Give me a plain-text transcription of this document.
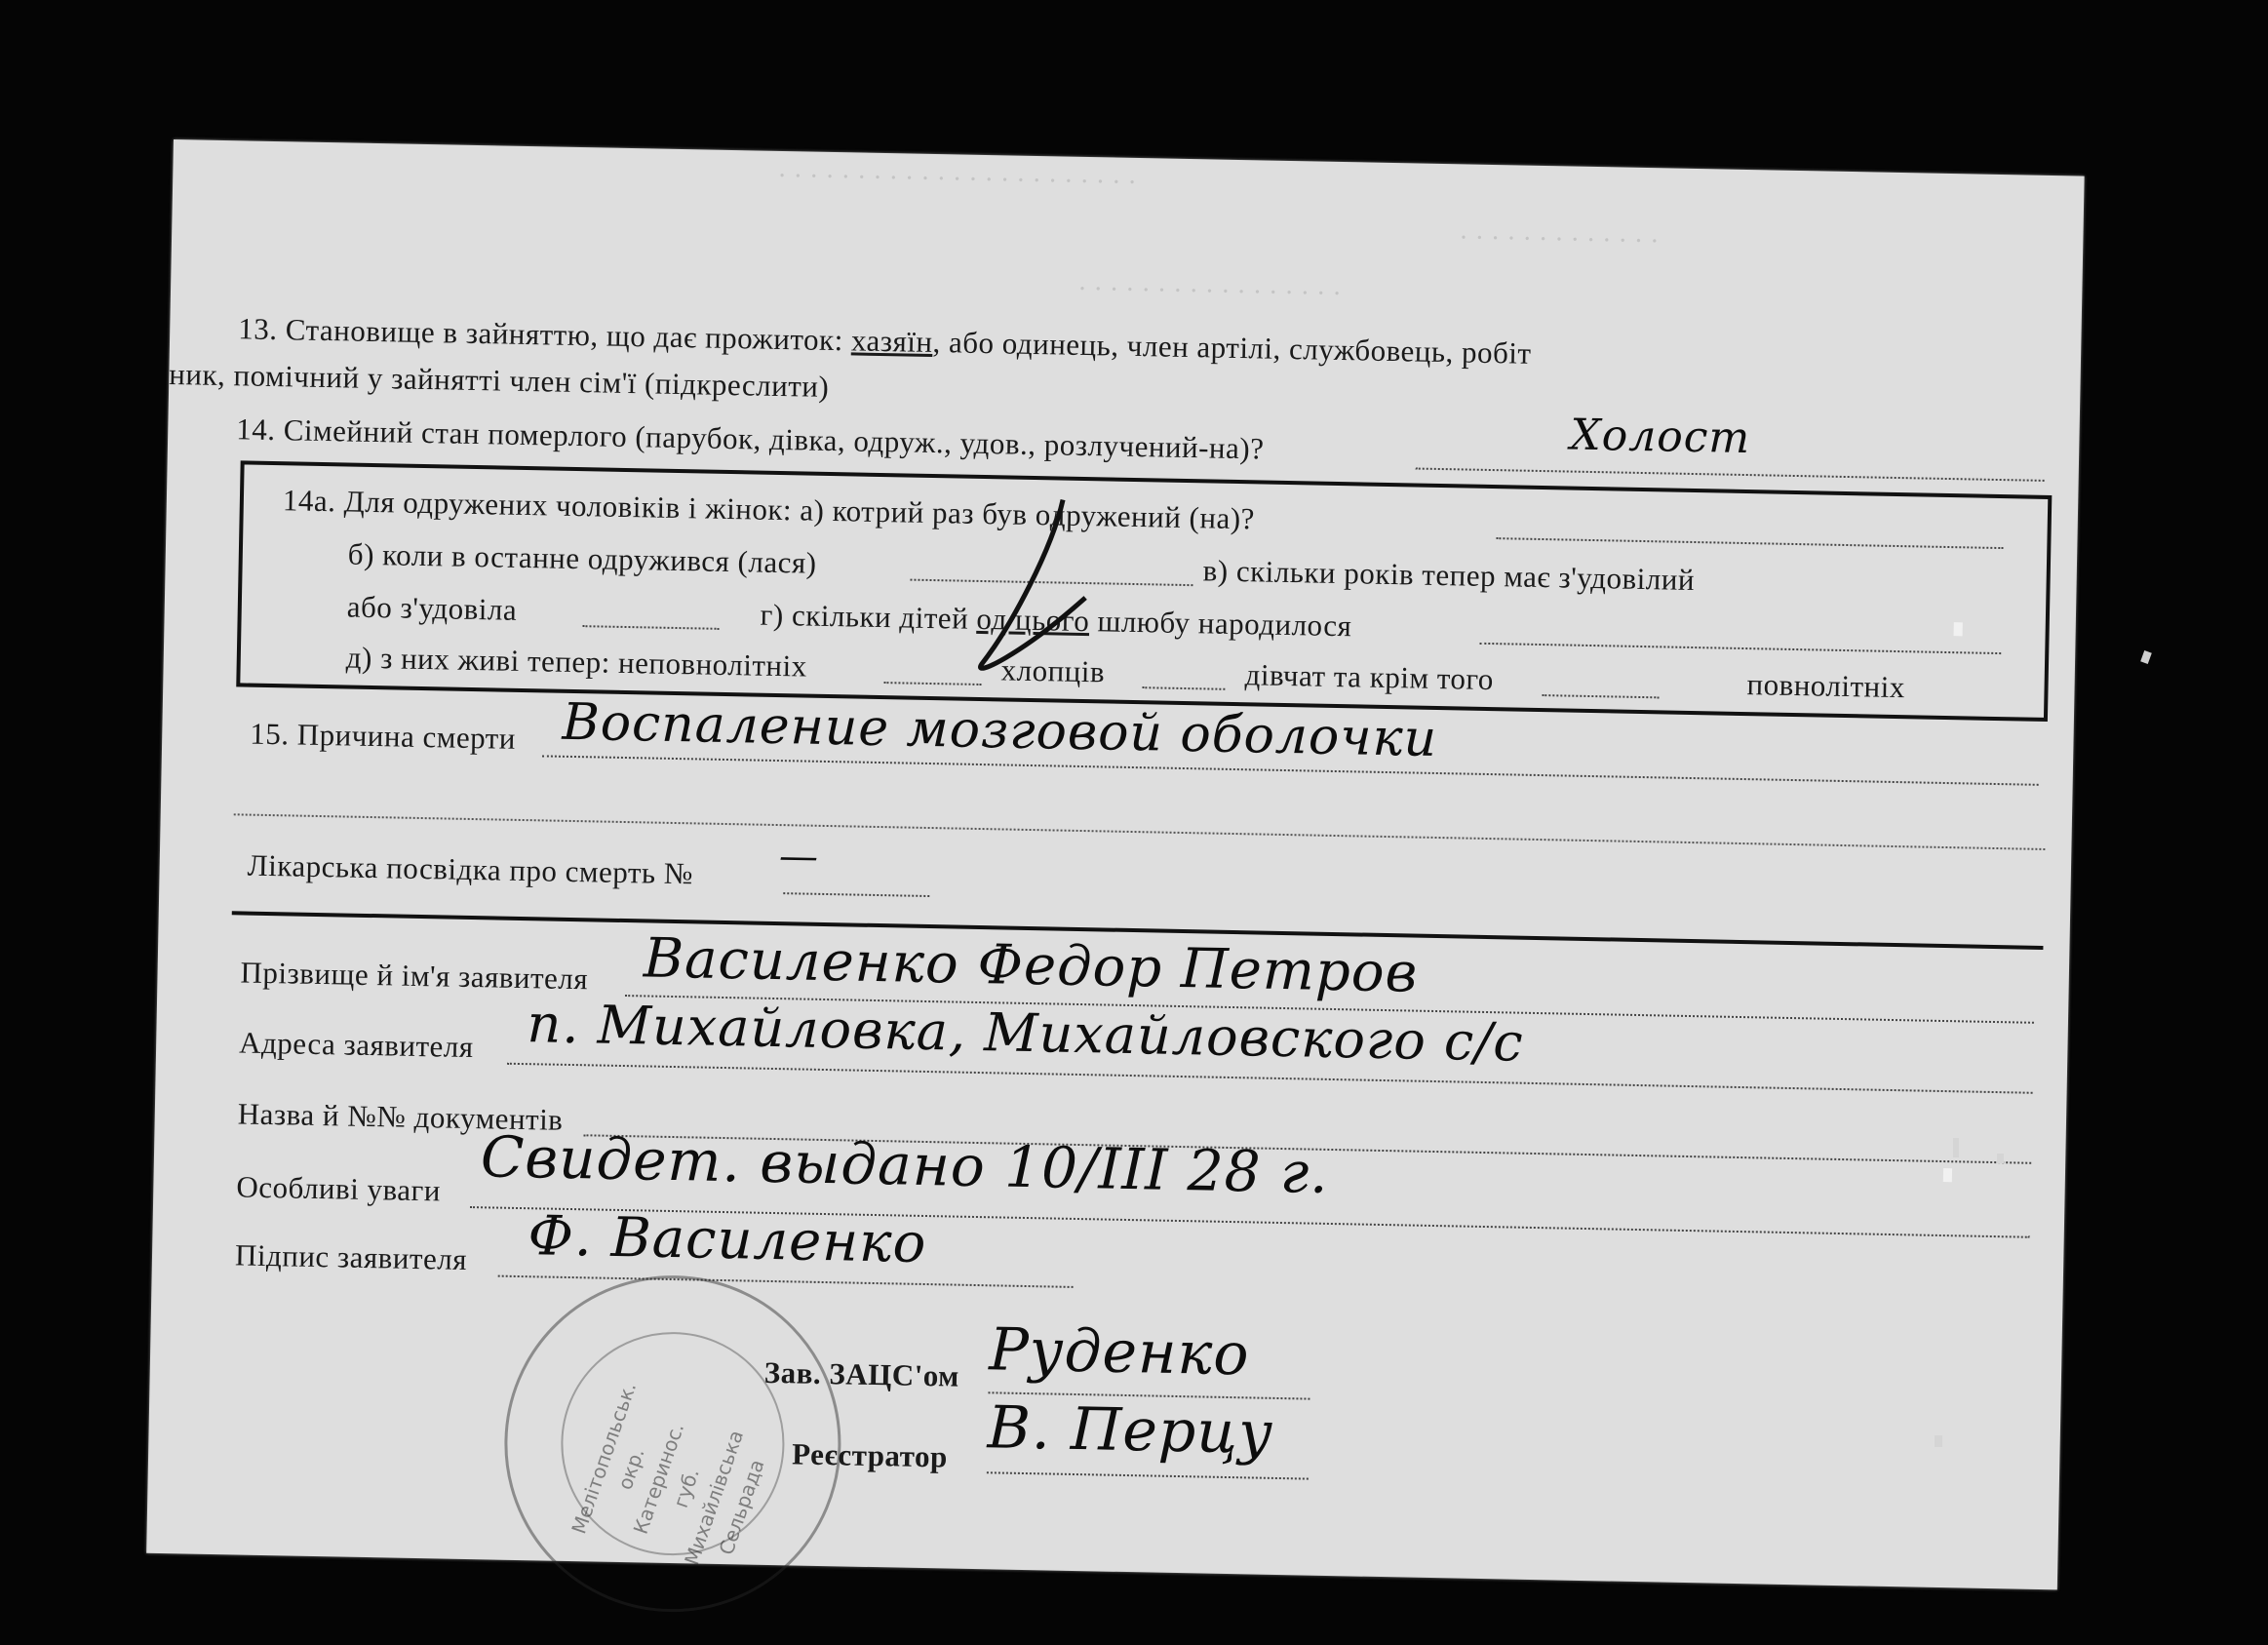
· · · · · · · · · · · · · · · · · · · · · · ·
· · · · · · · · · · · · ·
· · · · · · · · · · · · · · · · ·
13. Становище в зайняттю, що дає прожиток: хазяїн, або одинець, член артілі, службовець, робіт
ник, помічний у зайнятті член сім'ї (підкреслити)
14. Сімейний стан померлого (парубок, дівка, одруж., удов., розлучений-на)?	Холост
14а. Для одружених чоловіків і жінок: а) котрий раз був одружений (на)?
б) коли в останне одружився (лася)	в) скільки років тепер має з'удовілий
або з'удовіла	г) скільки дітей од цього шлюбу народилося
д) з них живі тепер: неповнолітніх	хлопців	дівчат та крім того	повнолітніх
15. Причина смерти Воспаление мозговой оболочки
Лікарська посвідка про смерть № —
Прізвище й ім'я заявителя Василенко Федор Петров
Адреса заявителя п. Михайловка, Михайловского с/с
Назва й №№ документів
Особливі уваги Свидет. выдано 10/III 28 г.
Підпис заявителя Ф. Василенко
Мелітопольськ. окр. Катеринос. губ. Михайлівська Сельрада
Зав. ЗАЦС'ом Руденко
Реєстратор В. Перцу
